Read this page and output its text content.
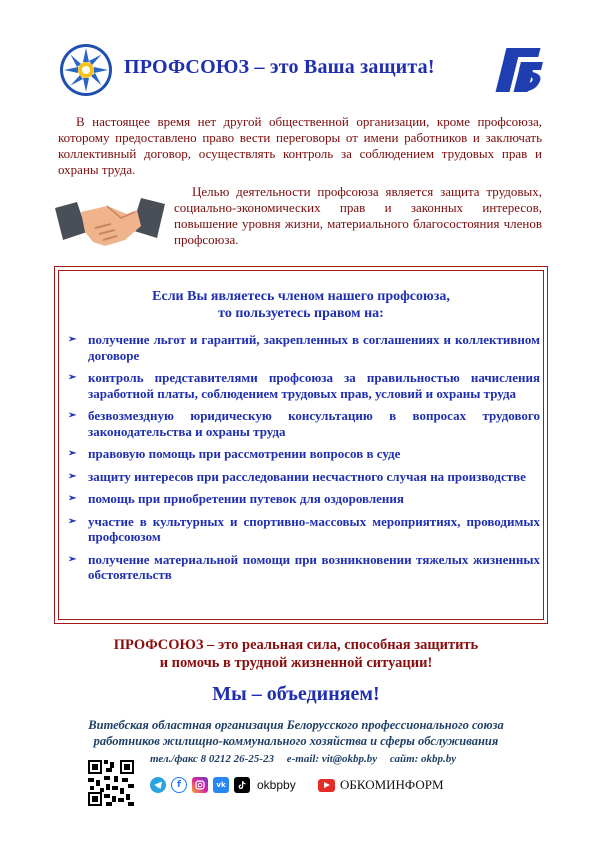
ПРОФСОЮЗ – это Ваша защита!

В настоящее время нет другой общественной организации, кроме профсоюза, которому предоставлено право вести переговоры от имени работников и заключать коллективный договор, осуществлять контроль за соблюдением трудовых прав и охраны труда.

Целью деятельности профсоюза является защита трудовых, социально-экономических прав и законных интересов, повышение уровня жизни, материального благосостояния членов профсоюза.

Если Вы являетесь членом нашего профсоюза,
то пользуетесь правом на:
➢ получение льгот и гарантий, закрепленных в соглашениях и коллективном договоре
➢ контроль представителями профсоюза за правильностью начисления заработной платы, соблюдением трудовых прав, условий и охраны труда
➢ безвозмездную юридическую консультацию в вопросах трудового законодательства и охраны труда
➢ правовую помощь при рассмотрении вопросов в суде
➢ защиту интересов при расследовании несчастного случая на производстве
➢ помощь при приобретении путевок для оздоровления
➢ участие в культурных и спортивно-массовых мероприятиях, проводимых профсоюзом
➢ получение материальной помощи при возникновении тяжелых жизненных обстоятельств
ПРОФСОЮЗ – это реальная сила, способная защитить
и помочь в трудной жизненной ситуации!
Мы – объединяем!
Витебская областная организация Белорусского профессионального союза
работников жилищно-коммунального хозяйства и сферы обслуживания
тел./факс 8 0212 26-25-23 e-mail: vit@okbp.by сайт: okbp.by
f	vk	okbpby	ОБКОМИНФОРМ
